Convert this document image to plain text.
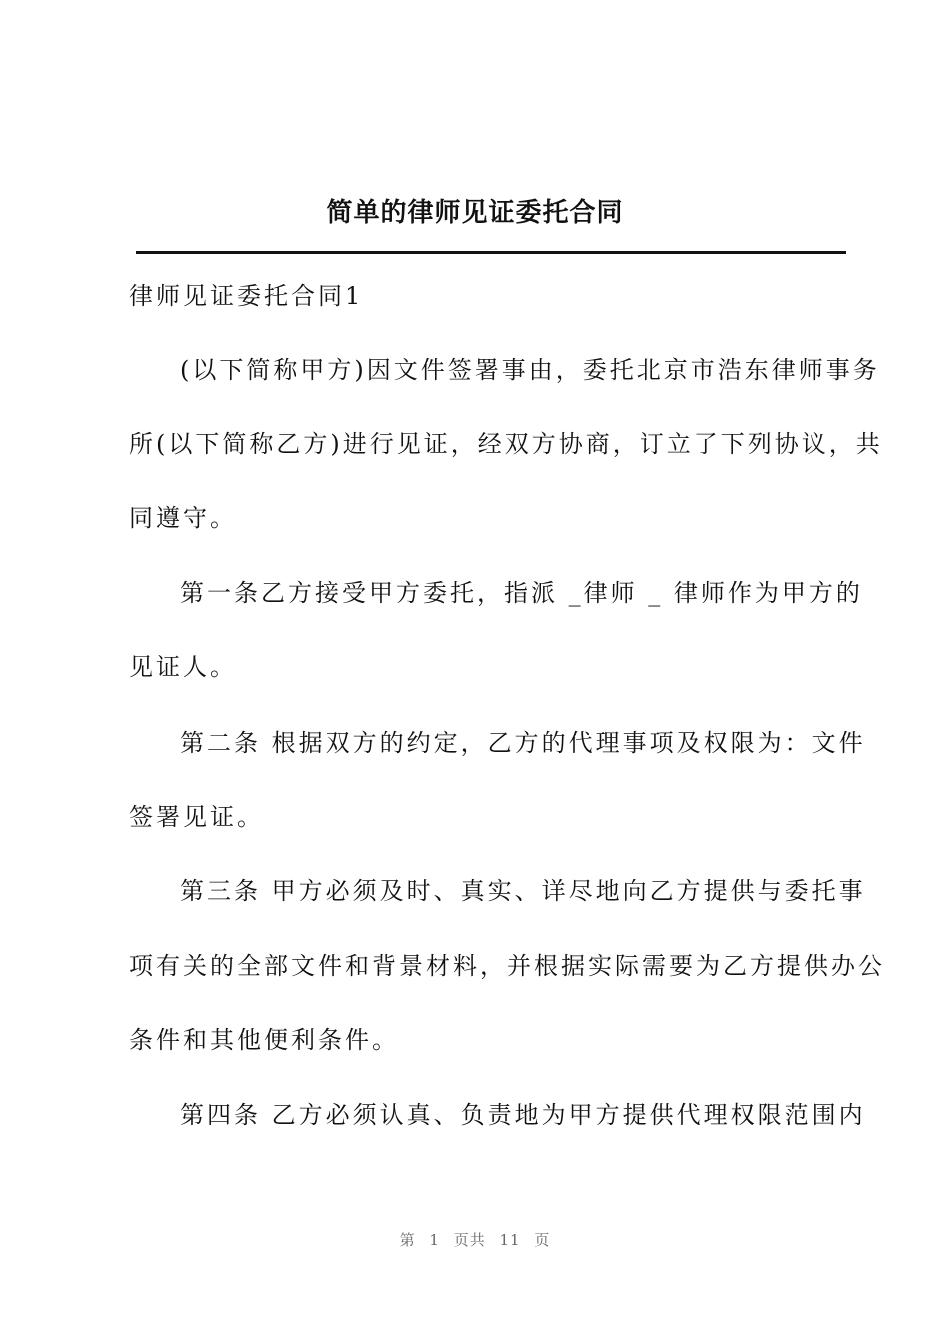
简单的律师见证委托合同
律师见证委托合同1
(以下简称甲方)因文件签署事由，委托北京市浩东律师事务
所(以下简称乙方)进行见证，经双方协商，订立了下列协议，共
同遵守。
第一条乙方接受甲方委托，指派 _律师 _ 律师作为甲方的
见证人。
第二条 根据双方的约定，乙方的代理事项及权限为：文件
签署见证。
第三条 甲方必须及时、真实、详尽地向乙方提供与委托事
项有关的全部文件和背景材料，并根据实际需要为乙方提供办公
条件和其他便利条件。
第四条 乙方必须认真、负责地为甲方提供代理权限范围内
第 1 页共 11 页
